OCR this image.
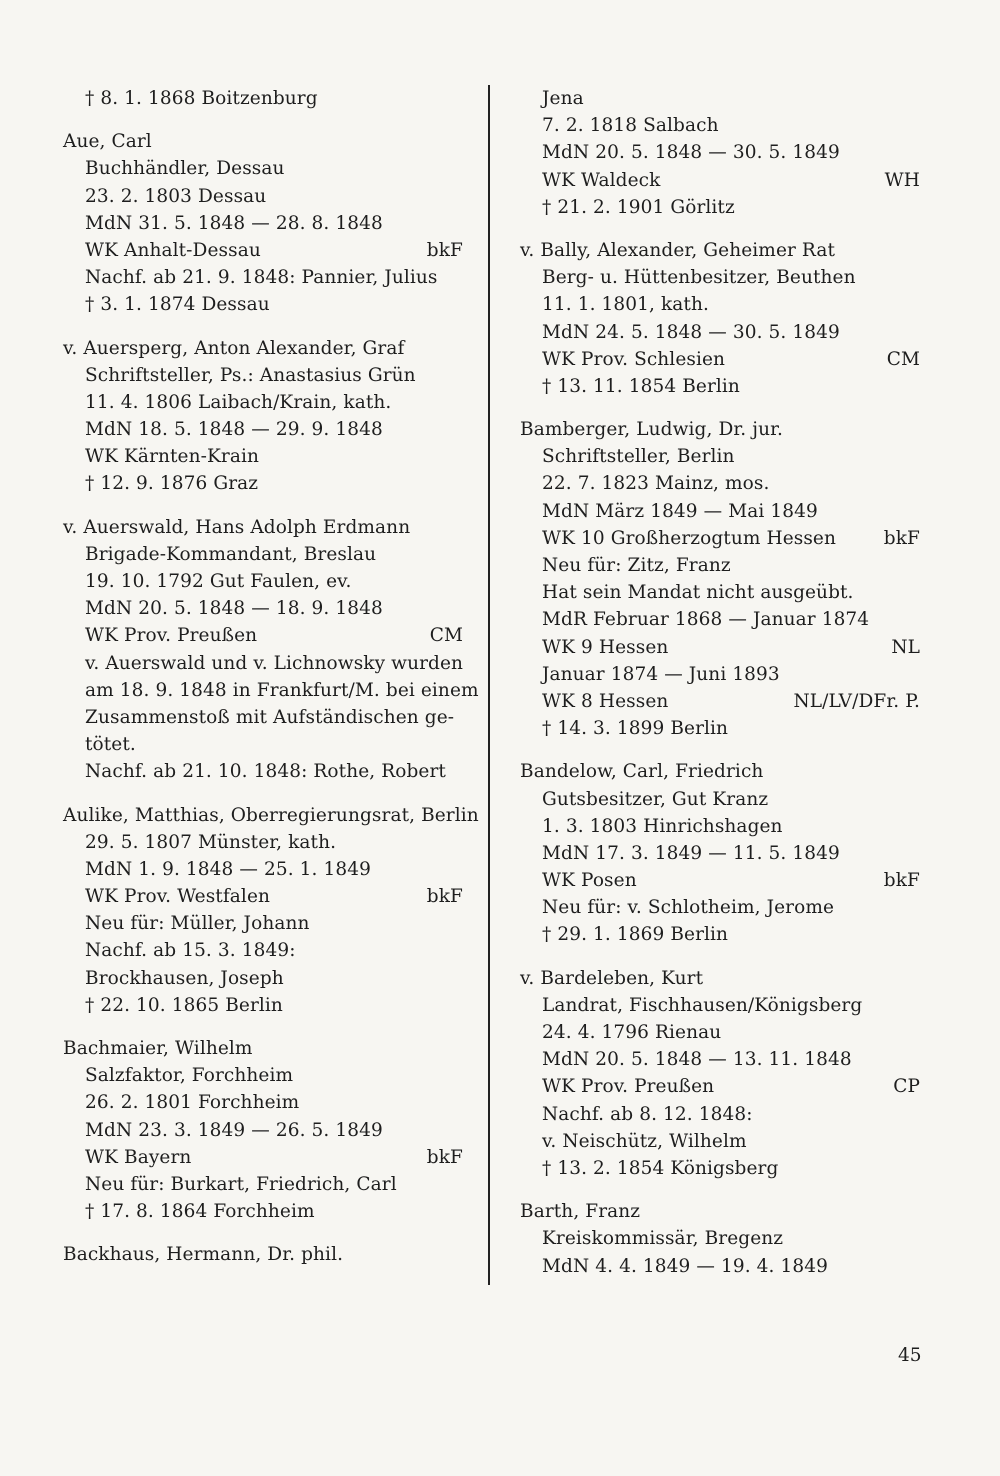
† 8. 1. 1868 Boitzenburg
Aue, Carl
Buchhändler, Dessau
23. 2. 1803 Dessau
MdN 31. 5. 1848 — 28. 8. 1848
WK Anhalt-Dessau	bkF
Nachf. ab 21. 9. 1848: Pannier, Julius
† 3. 1. 1874 Dessau
v. Auersperg, Anton Alexander, Graf
Schriftsteller, Ps.: Anastasius Grün
11. 4. 1806 Laibach/Krain, kath.
MdN 18. 5. 1848 — 29. 9. 1848
WK Kärnten-Krain
† 12. 9. 1876 Graz
v. Auerswald, Hans Adolph Erdmann
Brigade-Kommandant, Breslau
19. 10. 1792 Gut Faulen, ev.
MdN 20. 5. 1848 — 18. 9. 1848
WK Prov. Preußen	CM
v. Auerswald und v. Lichnowsky wurden
am 18. 9. 1848 in Frankfurt/M. bei einem
Zusammenstoß mit Aufständischen ge-
tötet.
Nachf. ab 21. 10. 1848: Rothe, Robert
Aulike, Matthias, Oberregierungsrat, Berlin
29. 5. 1807 Münster, kath.
MdN 1. 9. 1848 — 25. 1. 1849
WK Prov. Westfalen	bkF
Neu für: Müller, Johann
Nachf. ab 15. 3. 1849:
Brockhausen, Joseph
† 22. 10. 1865 Berlin
Bachmaier, Wilhelm
Salzfaktor, Forchheim
26. 2. 1801 Forchheim
MdN 23. 3. 1849 — 26. 5. 1849
WK Bayern	bkF
Neu für: Burkart, Friedrich, Carl
† 17. 8. 1864 Forchheim
Backhaus, Hermann, Dr. phil.
Jena
7. 2. 1818 Salbach
MdN 20. 5. 1848 — 30. 5. 1849
WK Waldeck	WH
† 21. 2. 1901 Görlitz
v. Bally, Alexander, Geheimer Rat
Berg- u. Hüttenbesitzer, Beuthen
11. 1. 1801, kath.
MdN 24. 5. 1848 — 30. 5. 1849
WK Prov. Schlesien	CM
† 13. 11. 1854 Berlin
Bamberger, Ludwig, Dr. jur.
Schriftsteller, Berlin
22. 7. 1823 Mainz, mos.
MdN März 1849 — Mai 1849
WK 10 Großherzogtum Hessen	bkF
Neu für: Zitz, Franz
Hat sein Mandat nicht ausgeübt.
MdR Februar 1868 — Januar 1874
WK 9 Hessen	NL
Januar 1874 — Juni 1893
WK 8 Hessen	NL/LV/DFr. P.
† 14. 3. 1899 Berlin
Bandelow, Carl, Friedrich
Gutsbesitzer, Gut Kranz
1. 3. 1803 Hinrichshagen
MdN 17. 3. 1849 — 11. 5. 1849
WK Posen	bkF
Neu für: v. Schlotheim, Jerome
† 29. 1. 1869 Berlin
v. Bardeleben, Kurt
Landrat, Fischhausen/Königsberg
24. 4. 1796 Rienau
MdN 20. 5. 1848 — 13. 11. 1848
WK Prov. Preußen	CP
Nachf. ab 8. 12. 1848:
v. Neischütz, Wilhelm
† 13. 2. 1854 Königsberg
Barth, Franz
Kreiskommissär, Bregenz
MdN 4. 4. 1849 — 19. 4. 1849
45
